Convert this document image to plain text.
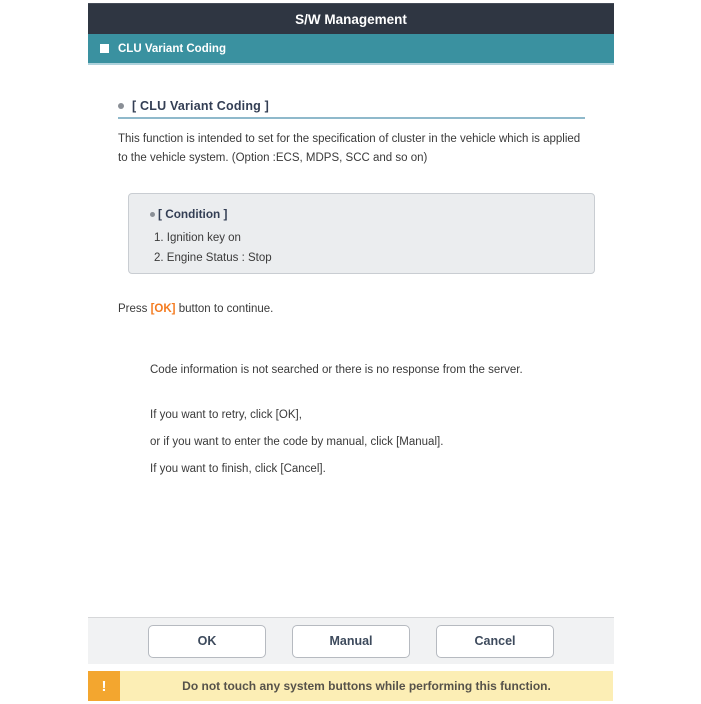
S/W Management
CLU Variant Coding
[ CLU Variant Coding ]

This function is intended to set for the specification of cluster in the vehicle which is applied to the vehicle system. (Option :ECS, MDPS, SCC and so on)

[ Condition ]
1. Ignition key on
2. Engine Status : Stop

Press [OK] button to continue.

Code information is not searched or there is no response from the server.

If you want to retry, click [OK],

or if you want to enter the code by manual, click [Manual].

If you want to finish, click [Cancel].

OK	Manual	Cancel
!	Do not touch any system buttons while performing this function.
